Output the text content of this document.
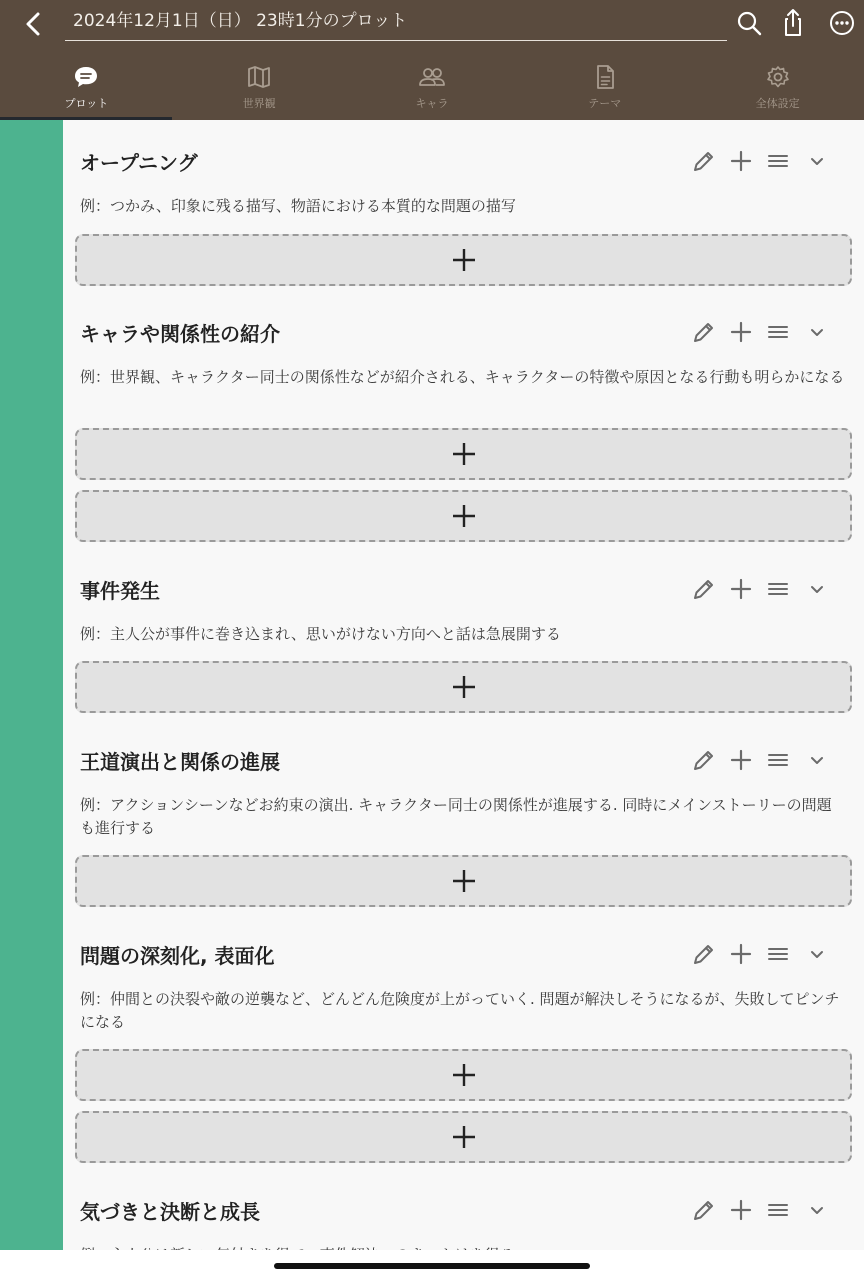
2024年12月1日（日） 23時1分のプロット
プロット	世界観	キャラ	テーマ	全体設定
オープニング
例：つかみ、印象に残る描写、物語における本質的な問題の描写
キャラや関係性の紹介
例：世界観、キャラクター同士の関係性などが紹介される、キャラクターの特徴や原因となる行動も明らかになる
事件発生
例：主人公が事件に巻き込まれ、思いがけない方向へと話は急展開する
王道演出と関係の進展
例：アクションシーンなどお約束の演出. キャラクター同士の関係性が進展する. 同時にメインストーリーの問題も進行する
問題の深刻化, 表面化
例：仲間との決裂や敵の逆襲など、どんどん危険度が上がっていく. 問題が解決しそうになるが、失敗してピンチになる
気づきと決断と成長
